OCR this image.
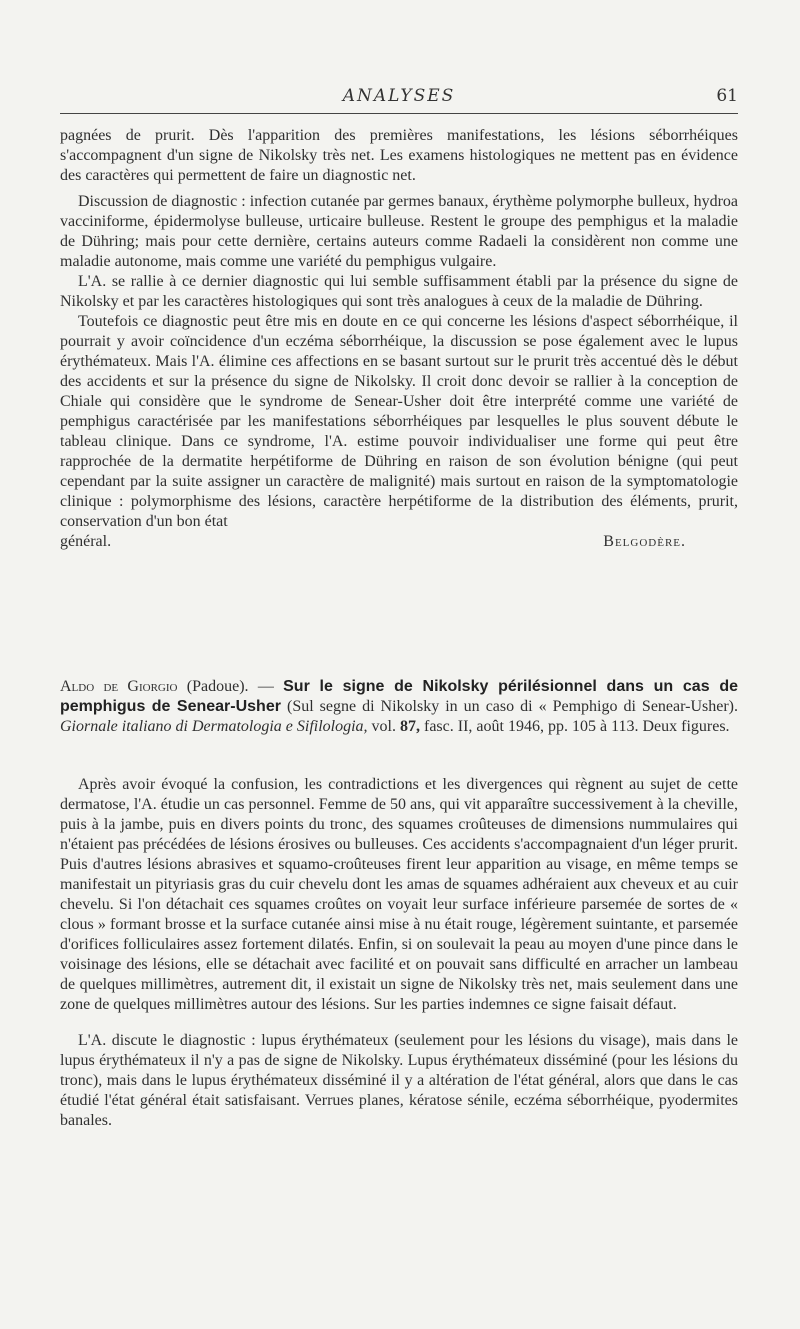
ANALYSES	61

pagnées de prurit. Dès l'apparition des premières manifestations, les lésions séborrhéiques s'accompagnent d'un signe de Nikolsky très net. Les examens histologiques ne mettent pas en évidence des caractères qui permettent de faire un diagnostic net.

Discussion de diagnostic : infection cutanée par germes banaux, érythème polymorphe bulleux, hydroa vacciniforme, épidermolyse bulleuse, urticaire bulleuse. Restent le groupe des pemphigus et la maladie de Dühring; mais pour cette dernière, certains auteurs comme Radaeli la considèrent non comme une maladie autonome, mais comme une variété du pemphigus vulgaire.

L'A. se rallie à ce dernier diagnostic qui lui semble suffisamment établi par la présence du signe de Nikolsky et par les caractères histologiques qui sont très analogues à ceux de la maladie de Dühring.

Toutefois ce diagnostic peut être mis en doute en ce qui concerne les lésions d'aspect séborrhéique, il pourrait y avoir coïncidence d'un eczéma séborrhéique, la discussion se pose également avec le lupus érythémateux. Mais l'A. élimine ces affections en se basant surtout sur le prurit très accentué dès le début des accidents et sur la présence du signe de Nikolsky. Il croit donc devoir se rallier à la conception de Chiale qui considère que le syndrome de Senear-Usher doit être interprété comme une variété de pemphigus caractérisée par les manifestations séborrhéiques par lesquelles le plus souvent débute le tableau clinique. Dans ce syndrome, l'A. estime pouvoir individualiser une forme qui peut être rapprochée de la dermatite herpétiforme de Dühring en raison de son évolution bénigne (qui peut cependant par la suite assigner un caractère de malignité) mais surtout en raison de la symptomatologie clinique : polymorphisme des lésions, caractère herpétiforme de la distribution des éléments, prurit, conservation d'un bon état

général.	Belgodère.

Aldo de Giorgio (Padoue). — Sur le signe de Nikolsky périlésionnel dans un cas de pemphigus de Senear-Usher (Sul segne di Nikolsky in un caso di « Pemphigo di Senear-Usher). Giornale italiano di Dermatologia e Sifilologia, vol. 87, fasc. II, août 1946, pp. 105 à 113. Deux figures.

Après avoir évoqué la confusion, les contradictions et les divergences qui règnent au sujet de cette dermatose, l'A. étudie un cas personnel. Femme de 50 ans, qui vit apparaître successivement à la cheville, puis à la jambe, puis en divers points du tronc, des squames croûteuses de dimensions nummulaires qui n'étaient pas précédées de lésions érosives ou bulleuses. Ces accidents s'accompagnaient d'un léger prurit. Puis d'autres lésions abrasives et squamo-croûteuses firent leur apparition au visage, en même temps se manifestait un pityriasis gras du cuir chevelu dont les amas de squames adhéraient aux cheveux et au cuir chevelu. Si l'on détachait ces squames croûtes on voyait leur surface inférieure parsemée de sortes de « clous » formant brosse et la surface cutanée ainsi mise à nu était rouge, légèrement suintante, et parsemée d'orifices folliculaires assez fortement dilatés. Enfin, si on soulevait la peau au moyen d'une pince dans le voisinage des lésions, elle se détachait avec facilité et on pouvait sans difficulté en arracher un lambeau de quelques millimètres, autrement dit, il existait un signe de Nikolsky très net, mais seulement dans une zone de quelques millimètres autour des lésions. Sur les parties indemnes ce signe faisait défaut.

L'A. discute le diagnostic : lupus érythémateux (seulement pour les lésions du visage), mais dans le lupus érythémateux il n'y a pas de signe de Nikolsky. Lupus érythémateux disséminé (pour les lésions du tronc), mais dans le lupus érythémateux disséminé il y a altération de l'état général, alors que dans le cas étudié l'état général était satisfaisant. Verrues planes, kératose sénile, eczéma séborrhéique, pyodermites banales.
